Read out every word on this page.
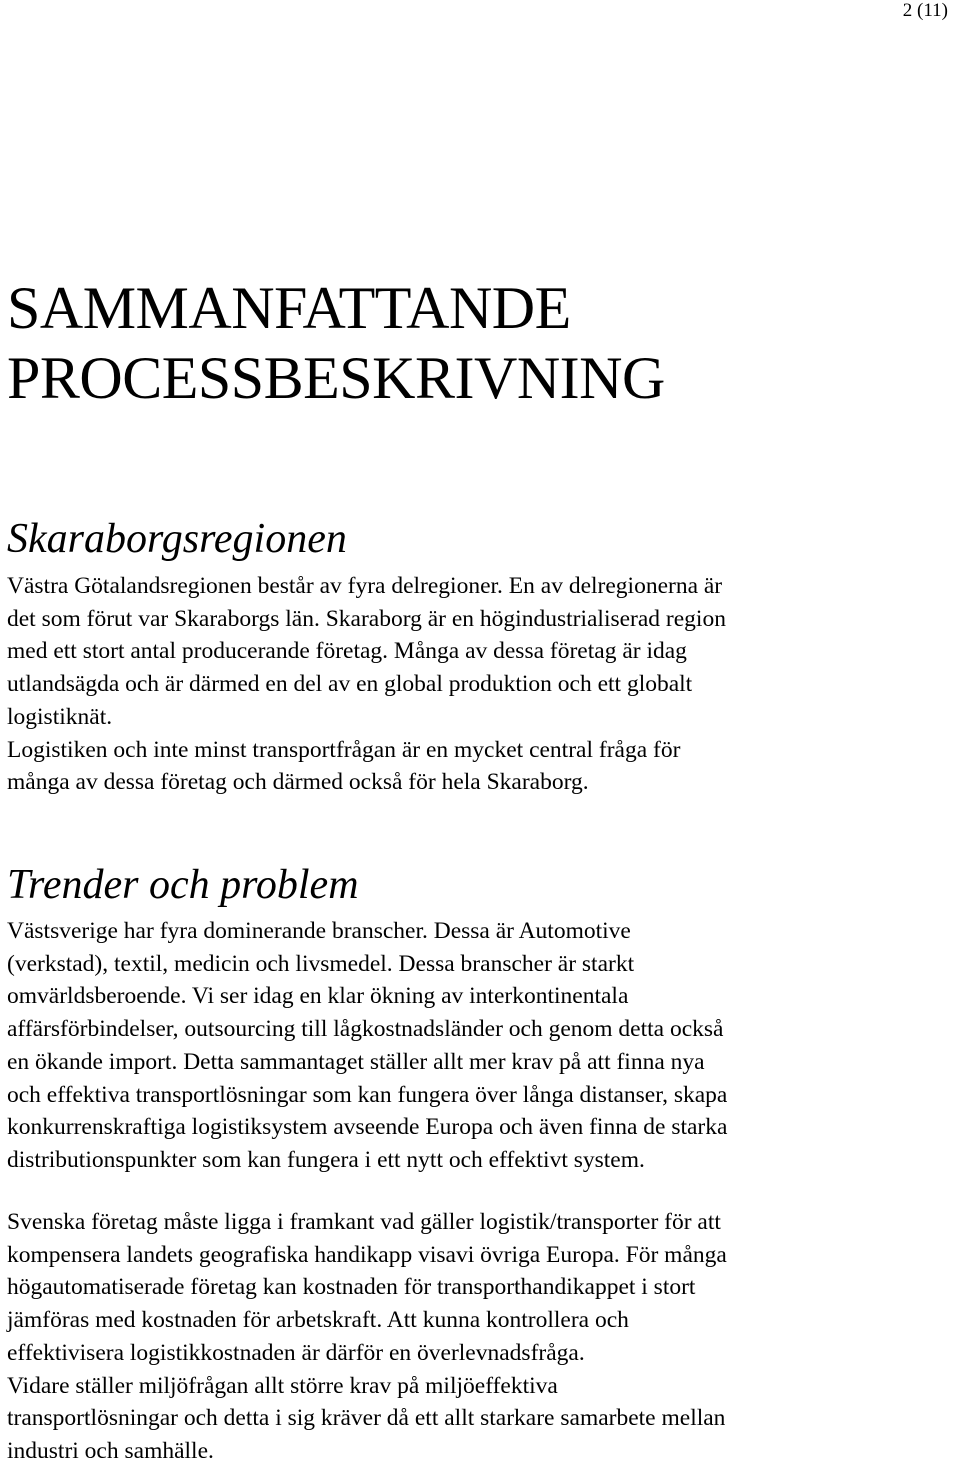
2 (11)
SAMMANFATTANDE
PROCESSBESKRIVNING
Skaraborgsregionen
Västra Götalandsregionen består av fyra delregioner. En av delregionerna är
det som förut var Skaraborgs län. Skaraborg är en högindustrialiserad region
med ett stort antal producerande företag. Många av dessa företag är idag
utlandsägda och är därmed en del av en global produktion och ett globalt
logistiknät.
Logistiken och inte minst transportfrågan är en mycket central fråga för
många av dessa företag och därmed också för hela Skaraborg.
Trender och problem
Västsverige har fyra dominerande branscher. Dessa är Automotive
(verkstad), textil, medicin och livsmedel. Dessa branscher är starkt
omvärldsberoende. Vi ser idag en klar ökning av interkontinentala
affärsförbindelser, outsourcing till lågkostnadsländer och genom detta också
en ökande import. Detta sammantaget ställer allt mer krav på att finna nya
och effektiva transportlösningar som kan fungera över långa distanser, skapa
konkurrenskraftiga logistiksystem avseende Europa och även finna de starka
distributionspunkter som kan fungera i ett nytt och effektivt system.
Svenska företag måste ligga i framkant vad gäller logistik/transporter för att
kompensera landets geografiska handikapp visavi övriga Europa. För många
högautomatiserade företag kan kostnaden för transporthandikappet i stort
jämföras med kostnaden för arbetskraft. Att kunna kontrollera och
effektivisera logistikkostnaden är därför en överlevnadsfråga.
Vidare ställer miljöfrågan allt större krav på miljöeffektiva
transportlösningar och detta i sig kräver då ett allt starkare samarbete mellan
industri och samhälle.
